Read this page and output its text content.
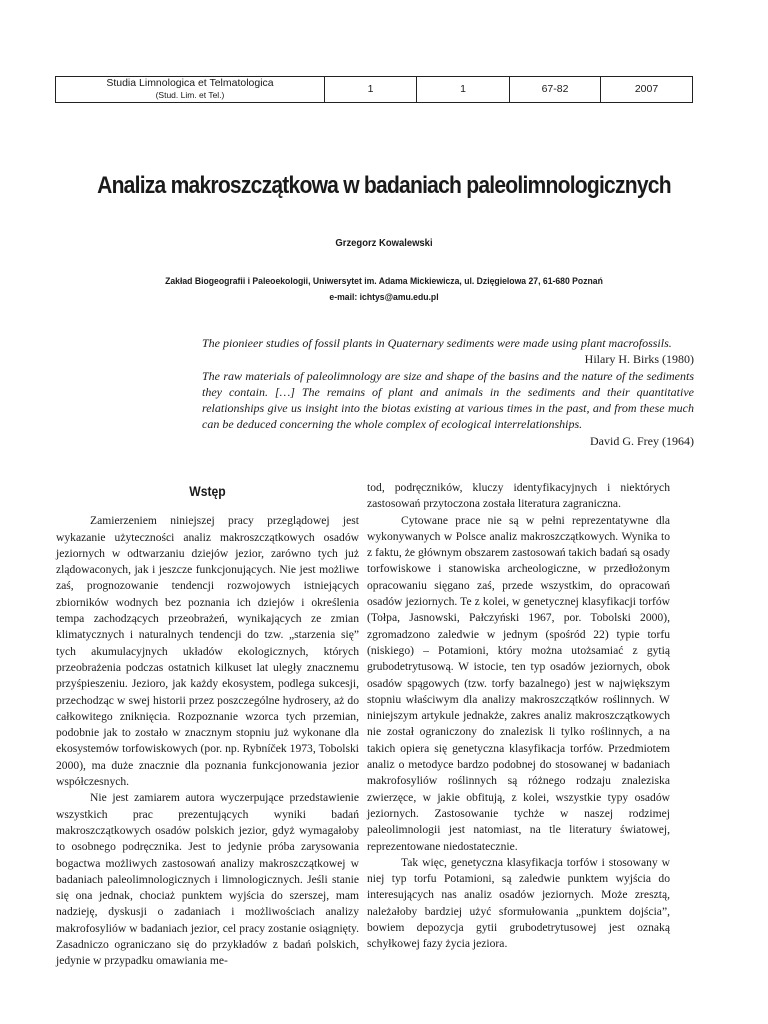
Studia Limnologica et Telmatologica
(Stud. Lim. et Tel.)	1	1	67-82	2007
Analiza makroszczątkowa w badaniach paleolimnologicznych
Grzegorz Kowalewski
Zakład Biogeografii i Paleoekologii, Uniwersytet im. Adama Mickiewicza, ul. Dzięgielowa 27, 61-680 Poznań
e-mail: ichtys@amu.edu.pl

The pionieer studies of fossil plants in Quaternary sediments were made using plant macrofossils.

Hilary H. Birks (1980)

The raw materials of paleolimnology are size and shape of the basins and the nature of the sediments they contain. […] The remains of plant and animals in the sediments and their quantitative relationships give us insight into the biotas existing at various times in the past, and from these much can be deduced concerning the whole complex of ecological interrelationships.

David G. Frey (1964)

Wstęp

Zamierzeniem niniejszej pracy przeglądowej jest wykazanie użyteczności analiz makroszczątkowych osadów jeziornych w odtwarzaniu dziejów jezior, zarówno tych już zlądowaconych, jak i jeszcze funkcjonujących. Nie jest możliwe zaś, prognozowanie tendencji rozwojowych istniejących zbiorników wodnych bez poznania ich dziejów i określenia tempa zachodzących przeobrażeń, wynikających ze zmian klimatycznych i naturalnych tendencji do tzw. „starzenia się” tych akumulacyjnych układów ekologicznych, których przeobrażenia podczas ostatnich kilkuset lat uległy znacznemu przyśpieszeniu. Jezioro, jak każdy ekosystem, podlega sukcesji, przechodząc w swej historii przez poszczególne hydroserу, aż do całkowitego zniknięcia. Rozpoznanie wzorca tych przemian, podobnie jak to zostało w znacznym stopniu już wykonane dla ekosystemów torfowiskowych (por. np. Rybníček 1973, Tobolski 2000), ma duże znacznie dla poznania funkcjonowania jezior współczesnych.

Nie jest zamiarem autora wyczerpujące przedstawienie wszystkich prac prezentujących wyniki badań makroszczątkowych osadów polskich jezior, gdyż wymagałoby to osobnego podręcznika. Jest to jedynie próba zarysowania bogactwa możliwych zastosowań analizy makroszczątkowej w badaniach paleolimnologicznych i limnologicznych. Jeśli stanie się ona jednak, chociaż punktem wyjścia do szerszej, mam nadzieję, dyskusji o zadaniach i możliwościach analizy makrofosyliów w badaniach jezior, cel pracy zostanie osiągnięty. Zasadniczo ograniczano się do przykładów z badań polskich, jedynie w przypadku omawiania me-

tod, podręczników, kluczy identyfikacyjnych i niektórych zastosowań przytoczona została literatura zagraniczna.

Cytowane prace nie są w pełni reprezentatywne dla wykonywanych w Polsce analiz makroszczątkowych. Wynika to z faktu, że głównym obszarem zastosowań takich badań są osady torfowiskowe i stanowiska archeologiczne, w przedłożonym opracowaniu sięgano zaś, przede wszystkim, do opracowań osadów jeziornych. Te z kolei, w genetycznej klasyfikacji torfów (Tołpa, Jasnowski, Pałczyński 1967, por. Tobolski 2000), zgromadzono zaledwie w jednym (spośród 22) typie torfu (niskiego) – Potamioni, który można utożsamiać z gytią grubodetrytusową. W istocie, ten typ osadów jeziornych, obok osadów spągowych (tzw. torfy bazalnego) jest w największym stopniu właściwym dla analizy makroszczątków roślinnych. W niniejszym artykule jednakże, zakres analiz makroszczątkowych nie został ograniczony do znalezisk li tylko roślinnych, a na takich opiera się genetyczna klasyfikacja torfów. Przedmiotem analiz o metodyce bardzo podobnej do stosowanej w badaniach makrofosyliów roślinnych są różnego rodzaju znaleziska zwierzęce, w jakie obfitują, z kolei, wszystkie typy osadów jeziornych. Zastosowanie tychże w naszej rodzimej paleolimnologii jest natomiast, na tle literatury światowej, reprezentowane niedostatecznie.

Tak więc, genetyczna klasyfikacja torfów i stosowany w niej typ torfu Potamioni, są zaledwie punktem wyjścia do interesujących nas analiz osadów jeziornych. Może zresztą, należałoby bardziej użyć sformułowania „punktem dojścia”, bowiem depozycja gytii grubodetrytusowej jest oznaką schyłkowej fazy życia jeziora.
